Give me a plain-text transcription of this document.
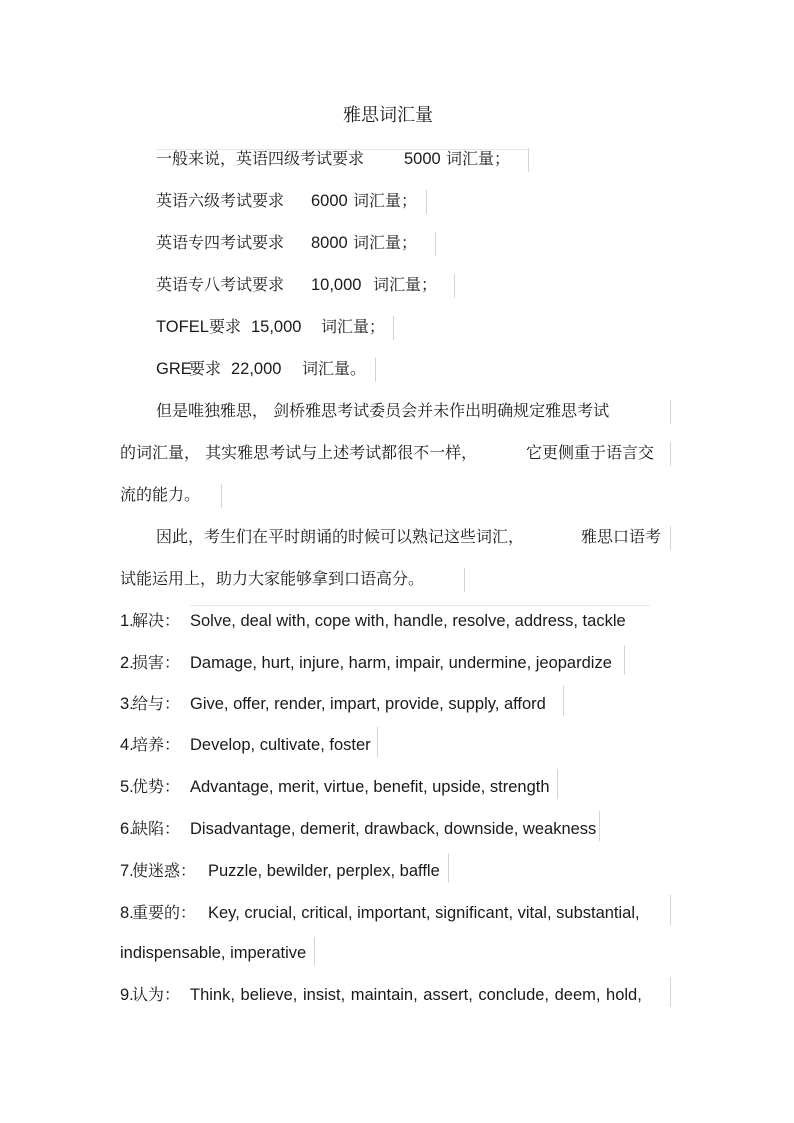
雅思词汇量
一般来说，英语四级考试要求 5000 词汇量；
英语六级考试要求 6000 词汇量；
英语专四考试要求 8000 词汇量；
英语专八考试要求 10,000 词汇量；
TOFEL 要求 15,000 词汇量；
GRE
要求 22,000 词汇量。
但是唯独雅思， 剑桥雅思考试委员会并未作出明确规定雅思考试
的词汇量， 其实雅思考试与上述考试都很不一样，	它更侧重于语言交
流的能力。
因此，考生们在平时朗诵的时候可以熟记这些词汇，	雅思口语考
试能运用上，助力大家能够拿到口语高分。
1.
解决： Solve, deal with, cope with, handle, resolve, address, tackle
2.
损害： Damage, hurt, injure, harm, impair, undermine, jeopardize
3.
给与： Give, offer, render, impart, provide, supply, afford
4.
培养： Develop, cultivate, foster
5.
优势： Advantage, merit, virtue, benefit, upside, strength
6.
缺陷： Disadvantage, demerit, drawback, downside, weakness
7.
使迷惑： Puzzle, bewilder, perplex, baffle
8.
重要的： Key, crucial, critical, important, significant, vital, substantial,
indispensable, imperative
9.
认为： Think, believe, insist, maintain, assert, conclude, deem, hold,
